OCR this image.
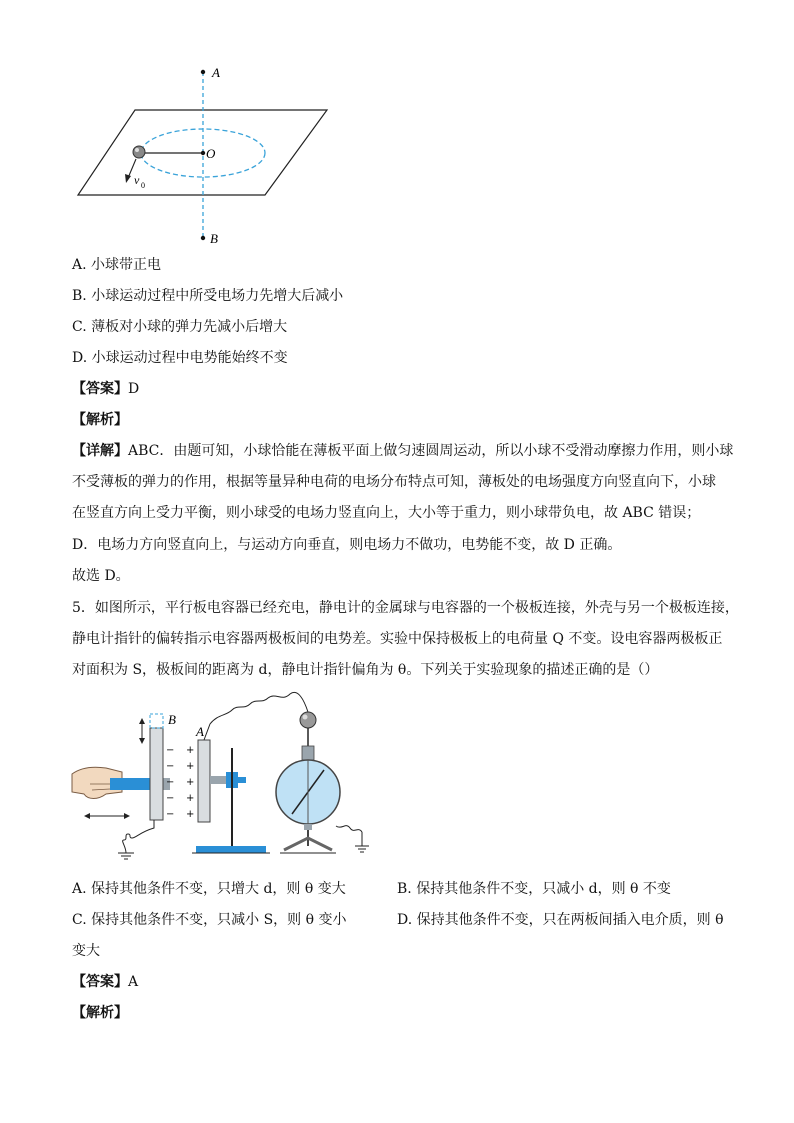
A
O
B
v 0
A. 小球带正电
B. 小球运动过程中所受电场力先增大后减小
C. 薄板对小球的弹力先减小后增大
D. 小球运动过程中电势能始终不变
【答案】D
【解析】
【详解】ABC．由题可知，小球恰能在薄板平面上做匀速圆周运动，所以小球不受滑动摩擦力作用，则小球
不受薄板的弹力的作用，根据等量异种电荷的电场分布特点可知，薄板处的电场强度方向竖直向下，小球
在竖直方向上受力平衡，则小球受的电场力竖直向上，大小等于重力，则小球带负电，故 ABC 错误；
D．电场力方向竖直向上，与运动方向垂直，则电场力不做功，电势能不变，故 D 正确。
故选 D。
5．如图所示，平行板电容器已经充电，静电计的金属球与电容器的一个极板连接，外壳与另一个极板连接，
静电计指针的偏转指示电容器两极板间的电势差。实验中保持极板上的电荷量 Q 不变。设电容器两极板正
对面积为 S，极板间的距离为 d，静电计指针偏角为 θ。下列关于实验现象的描述正确的是（）
B
−
−
−
−
−
+
+
+
+
+
A
A. 保持其他条件不变，只增大 d，则 θ 变大	B. 保持其他条件不变，只减小 d，则 θ 不变
C. 保持其他条件不变，只减小 S，则 θ 变小	D. 保持其他条件不变，只在两板间插入电介质，则 θ
变大
【答案】A
【解析】
